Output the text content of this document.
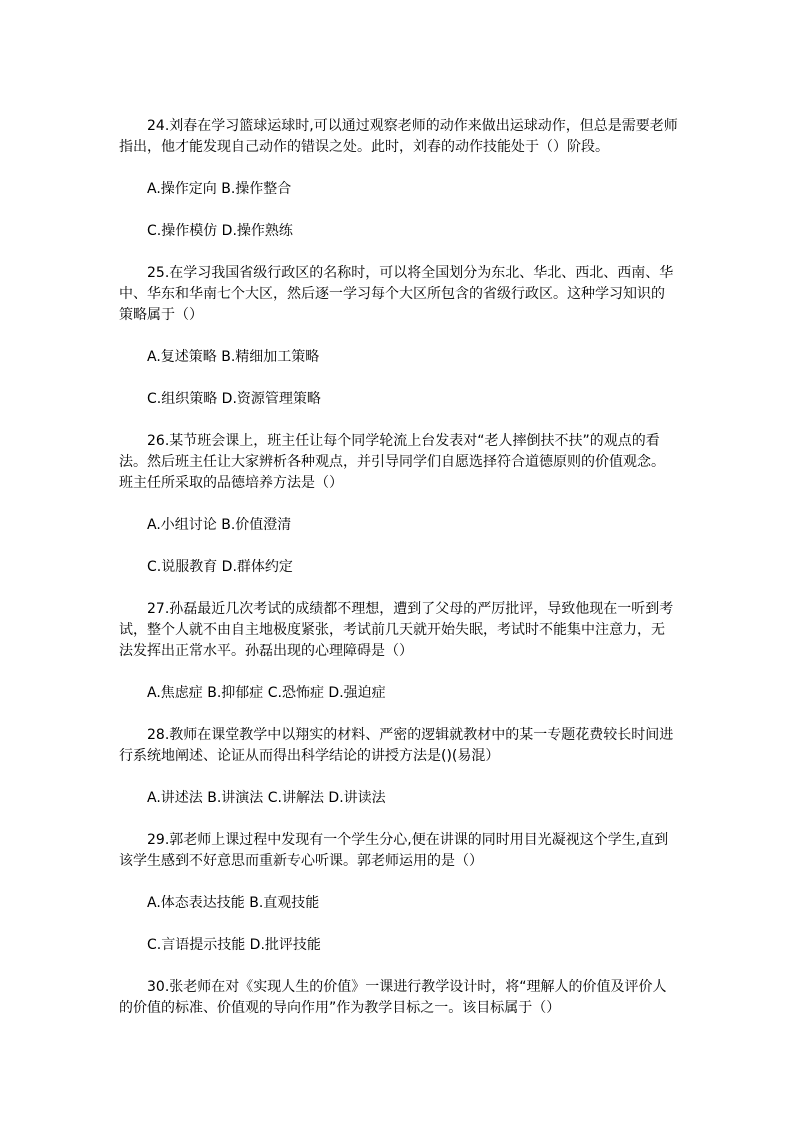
24.刘春在学习篮球运球时,可以通过观察老师的动作来做出运球动作，但总是需要老师
指出，他才能发现自己动作的错误之处。此时，刘春的动作技能处于（）阶段。

A.操作定向 B.操作整合

C.操作模仿 D.操作熟练

25.在学习我国省级行政区的名称时，可以将全国划分为东北、华北、西北、西南、华
中、华东和华南七个大区，然后逐一学习每个大区所包含的省级行政区。这种学习知识的
策略属于（）

A.复述策略 B.精细加工策略

C.组织策略 D.资源管理策略

26.某节班会课上，班主任让每个同学轮流上台发表对“老人摔倒扶不扶”的观点的看
法。然后班主任让大家辨析各种观点，并引导同学们自愿选择符合道德原则的价值观念。
班主任所采取的品德培养方法是（）

A.小组讨论 B.价值澄清

C.说服教育 D.群体约定

27.孙磊最近几次考试的成绩都不理想，遭到了父母的严厉批评，导致他现在一听到考
试，整个人就不由自主地极度紧张，考试前几天就开始失眠，考试时不能集中注意力，无
法发挥出正常水平。孙磊出现的心理障碍是（）

A.焦虑症 B.抑郁症 C.恐怖症 D.强迫症

28.教师在课堂教学中以翔实的材料、严密的逻辑就教材中的某一专题花费较长时间进
行系统地阐述、论证从而得出科学结论的讲授方法是()(易混）

A.讲述法 B.讲演法 C.讲解法 D.讲读法

29.郭老师上课过程中发现有一个学生分心,便在讲课的同时用目光凝视这个学生,直到
该学生感到不好意思而重新专心听课。郭老师运用的是（）

A.体态表达技能 B.直观技能

C.言语提示技能 D.批评技能

30.张老师在对《实现人生的价值》一课进行教学设计时，将“理解人的价值及评价人
的价值的标准、价值观的导向作用”作为教学目标之一。该目标属于（）
